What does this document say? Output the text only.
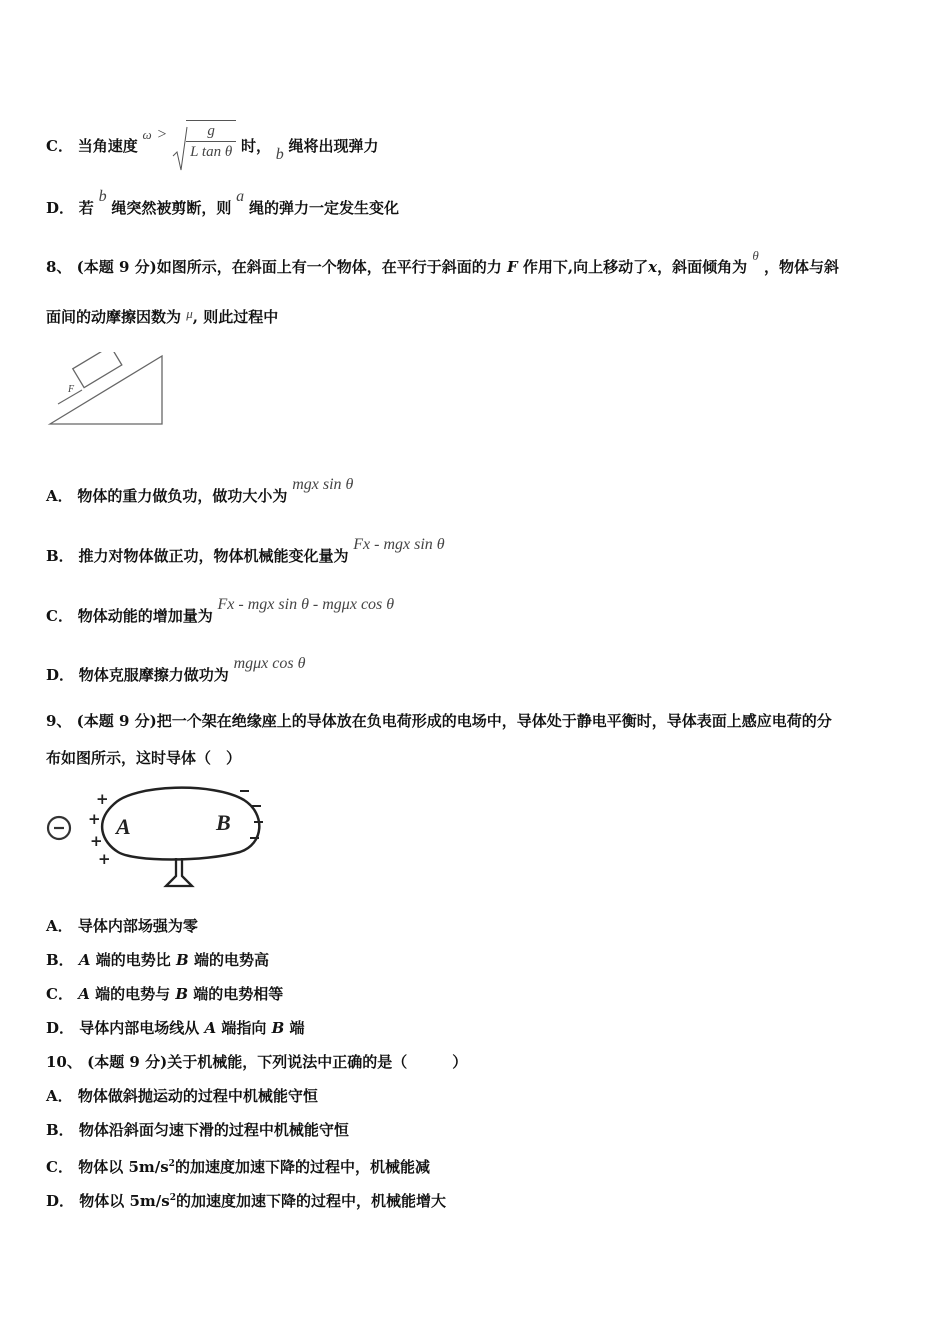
C． 当角速度 $\omega > \frac{g}{\text{L tan θ}}$ 时， b 绳将出现弹力
D． 若 b 绳突然被剪断，则 a 绳的弹力一定发生变化
8、 (本题 9 分)如图所示，在斜面上有一个物体，在平行于斜面的力 F 作用下,向上移动了x，斜面倾角为 θ ，物体与斜
面间的动摩擦因数为 μ, 则此过程中
F
A． 物体的重力做负功，做功大小为 mgx sin θ
B． 推力对物体做正功，物体机械能变化量为 Fx - mgx sin θ
C． 物体动能的增加量为 Fx - mgx sin θ - mgμx cos θ
D． 物体克服摩擦力做功为 mgμx cos θ
9、 (本题 9 分)把一个架在绝缘座上的导体放在负电荷形成的电场中，导体处于静电平衡时，导体表面上感应电荷的分
布如图所示，这时导体（　）
A	B
+
+
+
+
A． 导体内部场强为零
B． A 端的电势比 B 端的电势高
C． A 端的电势与 B 端的电势相等
D． 导体内部电场线从 A 端指向 B 端
10、 (本题 9 分)关于机械能，下列说法中正确的是（　　　）
A． 物体做斜抛运动的过程中机械能守恒
B． 物体沿斜面匀速下滑的过程中机械能守恒
C． 物体以 $5m/s^2$的加速度加速下降的过程中，机械能减
D． 物体以 $5m/s^2$的加速度加速下降的过程中，机械能增大
